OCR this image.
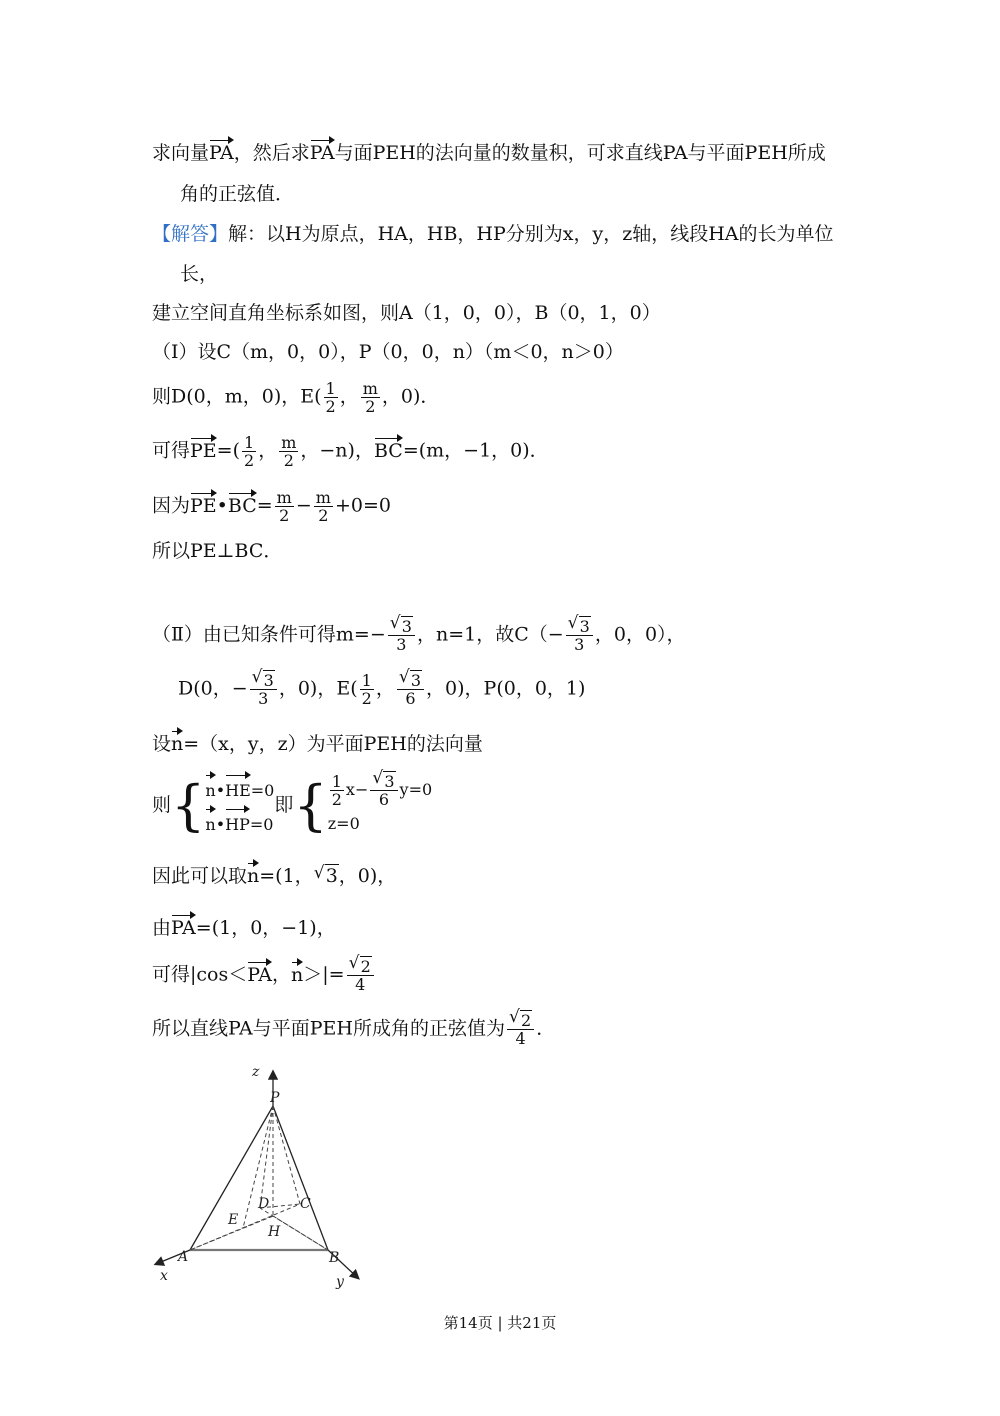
求向量PA，然后求PA与面PEH的法向量的数量积，可求直线PA与平面PEH所成
角的正弦值．
【解答】解：以H为原点，HA，HB，HP分别为x，y，z轴，线段HA的长为单位
长，
建立空间直角坐标系如图，则A（1，0，0），B（0，1，0）
（Ⅰ）设C（m，0，0），P（0，0，n）（m＜0，n＞0）
则D(0，m，0)，$E( \frac{1}{2}$ ， $\frac{m}{2}$ ，0)．
可得$PE=( \frac{1}{2}$ ， $\frac{m}{2}$ ，−n)，BC=(m，−1，0)．
因为PE•BC= $\frac{m}{2} - \frac{m}{2} +0=0$
所以PE⊥BC．
（Ⅱ）由已知条件可得m=− √ $\frac{3}{3}$ ，n=1，故C（− √ $\frac{3}{3}$ ，0，0），
D(0，− √ $\frac{3}{3}$ ，0)，$E( \frac{1}{2}$ ， √ $\frac{3}{6}$ ，0)，P(0，0，1)
设n=（x，y，z）为平面PEH的法向量
则{ n•HE=0
n•HP=0
即{ $\frac{1}{2} x-$ √ $\frac{3}{6} y=0$
z=0
因此可以取n=(1， √ 3，0)，
由PA=(1，0，−1)，
可得|cos＜PA，n＞|= √ $\frac{2}{4}$
所以直线PA与平面PEH所成角的正弦值为 √ $\frac{2}{4}$ ．
z
P
D C
E
H
A	B
x	y
第14页 | 共21页
